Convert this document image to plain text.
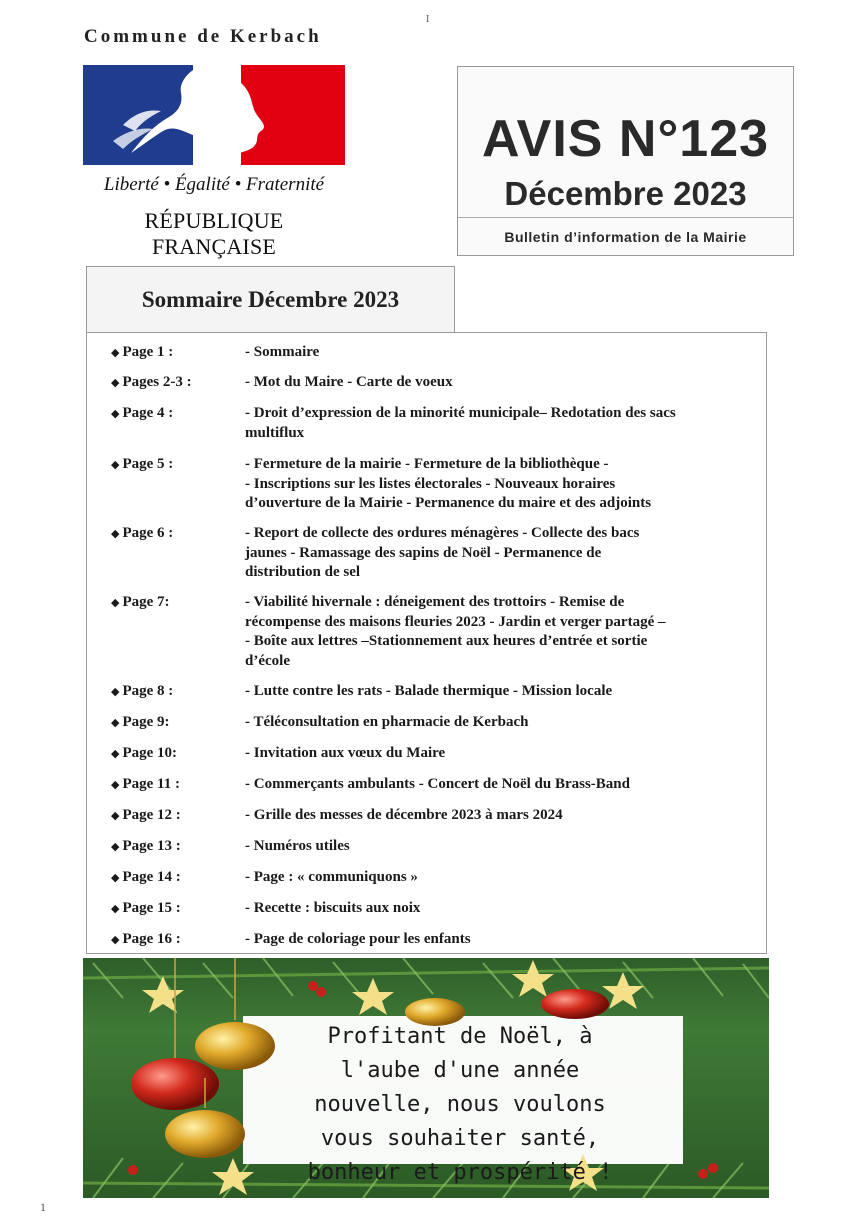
I
1
Commune de Kerbach
Liberté • Égalité • Fraternité
RÉPUBLIQUE FRANÇAISE
AVIS N°123
Décembre 2023
Bulletin d’information de la Mairie
Sommaire Décembre 2023
◆ Page 1 :	- Sommaire
◆ Pages 2-3 :	- Mot du Maire - Carte de voeux
◆ Page 4 :	- Droit d’expression de la minorité municipale– Redotation des sacs
multiflux
◆ Page 5 :	- Fermeture de la mairie - Fermeture de la bibliothèque -
- Inscriptions sur les listes électorales - Nouveaux horaires
d’ouverture de la Mairie - Permanence du maire et des adjoints
◆ Page 6 :	- Report de collecte des ordures ménagères - Collecte des bacs
jaunes - Ramassage des sapins de Noël - Permanence de
distribution de sel
◆ Page 7:	- Viabilité hivernale : déneigement des trottoirs - Remise de
récompense des maisons fleuries 2023 - Jardin et verger partagé –
- Boîte aux lettres –Stationnement aux heures d’entrée et sortie
d’école
◆ Page 8 :	- Lutte contre les rats - Balade thermique - Mission locale
◆ Page 9:	- Téléconsultation en pharmacie de Kerbach
◆ Page 10:	- Invitation aux vœux du Maire
◆ Page 11 :	- Commerçants ambulants - Concert de Noël du Brass-Band
◆ Page 12 :	- Grille des messes de décembre 2023 à mars 2024
◆ Page 13 :	- Numéros utiles
◆ Page 14 :	- Page : « communiquons »
◆ Page 15 :	- Recette : biscuits aux noix
◆ Page 16 :	- Page de coloriage pour les enfants
Profitant de Noël, à
l'aube d'une année
nouvelle, nous voulons
vous souhaiter santé,
bonheur et prospérité !
